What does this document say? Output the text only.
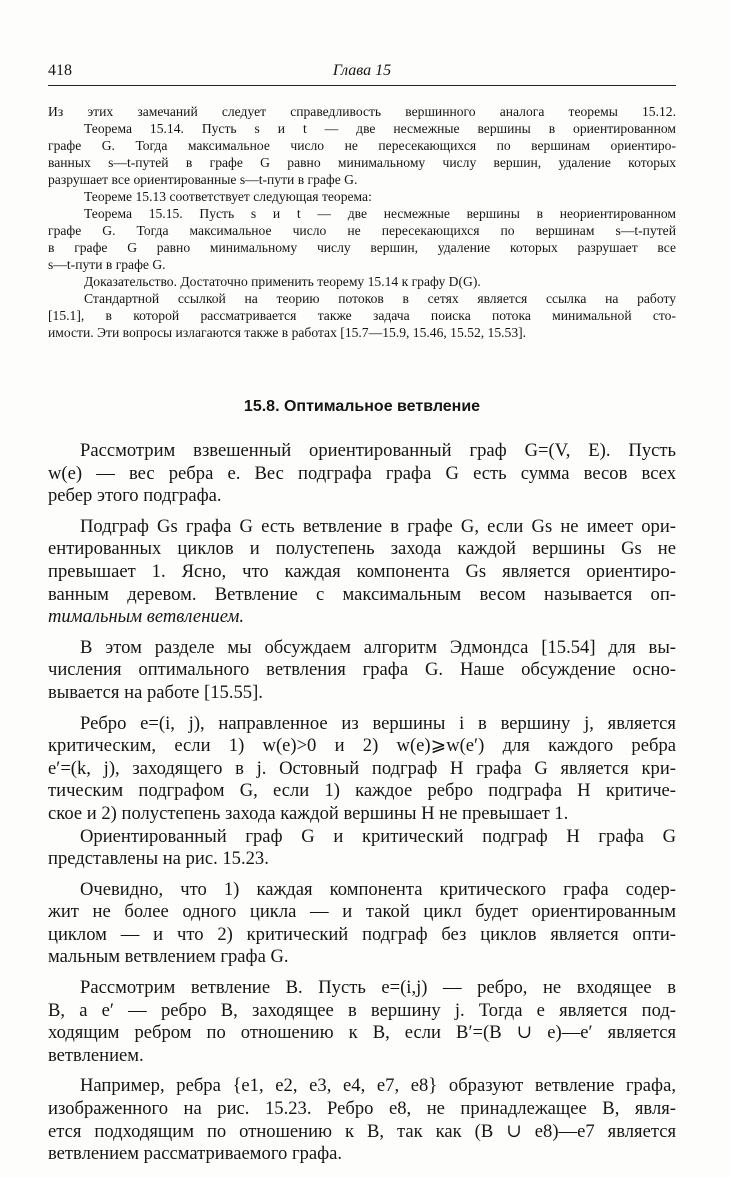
418	Глава 15

Из этих замечаний следует справедливость вершинного аналога теоремы 15.12.

Теорема 15.14. Пусть s и t — две несмежные вершины в ориентированном

графе G. Тогда максимальное число не пересекающихся по вершинам ориентиро-

ванных s—t-путей в графе G равно минимальному числу вершин, удаление которых

разрушает все ориентированные s—t-пути в графе G.

Теореме 15.13 соответствует следующая теорема:

Теорема 15.15. Пусть s и t — две несмежные вершины в неориентированном

графе G. Тогда максимальное число не пересекающихся по вершинам s—t-путей

в графе G равно минимальному числу вершин, удаление которых разрушает все

s—t-пути в графе G.

Доказательство. Достаточно применить теорему 15.14 к графу D(G).

Стандартной ссылкой на теорию потоков в сетях является ссылка на работу

[15.1], в которой рассматривается также задача поиска потока минимальной сто-

имости. Эти вопросы излагаются также в работах [15.7—15.9, 15.46, 15.52, 15.53].

15.8. Оптимальное ветвление

Рассмотрим взвешенный ориентированный граф G=(V, E). Пусть

w(e) — вес ребра e. Вес подграфа графа G есть сумма весов всех

ребер этого подграфа.

Подграф Gs графа G есть ветвление в графе G, если Gs не имеет ори-

ентированных циклов и полустепень захода каждой вершины Gs не

превышает 1. Ясно, что каждая компонента Gs является ориентиро-

ванным деревом. Ветвление с максимальным весом называется оп-

тимальным ветвлением.

В этом разделе мы обсуждаем алгоритм Эдмондса [15.54] для вы-

числения оптимального ветвления графа G. Наше обсуждение осно-

вывается на работе [15.55].

Ребро e=(i, j), направленное из вершины i в вершину j, является

критическим, если 1) w(e)>0 и 2) w(e)⩾w(e′) для каждого ребра

e′=(k, j), заходящего в j. Остовный подграф H графа G является кри-

тическим подграфом G, если 1) каждое ребро подграфа H критиче-

ское и 2) полустепень захода каждой вершины H не превышает 1.

Ориентированный граф G и критический подграф H графа G

представлены на рис. 15.23.

Очевидно, что 1) каждая компонента критического графа содер-

жит не более одного цикла — и такой цикл будет ориентированным

циклом — и что 2) критический подграф без циклов является опти-

мальным ветвлением графа G.

Рассмотрим ветвление B. Пусть e=(i,j) — ребро, не входящее в

B, а e′ — ребро B, заходящее в вершину j. Тогда e является под-

ходящим ребром по отношению к B, если B′=(B ∪ e)—e′ является

ветвлением.

Например, ребра {e1, e2, e3, e4, e7, e8} образуют ветвление графа,

изображенного на рис. 15.23. Ребро e8, не принадлежащее B, явля-

ется подходящим по отношению к B, так как (B ∪ e8)—e7 является

ветвлением рассматриваемого графа.
